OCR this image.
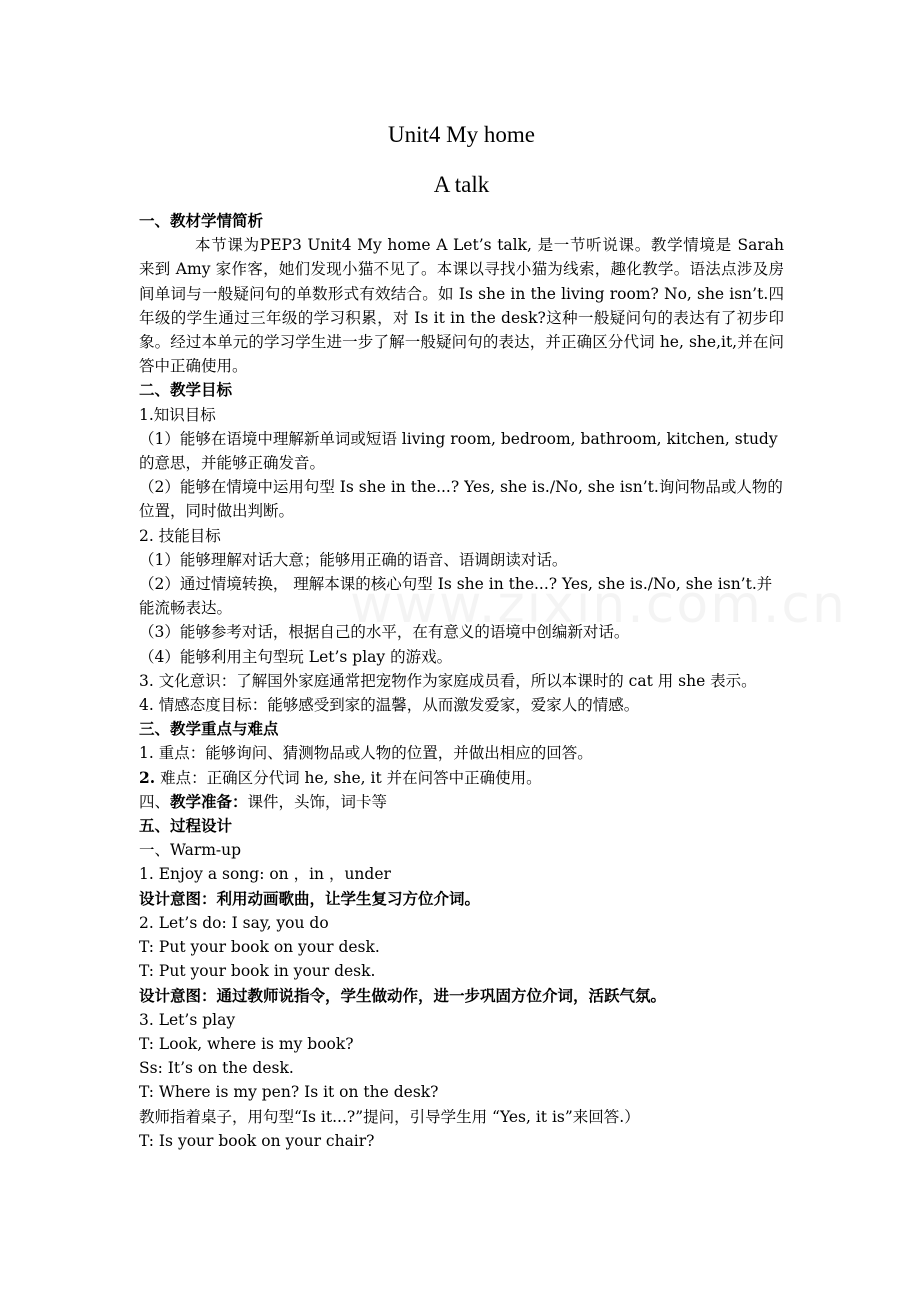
Unit4 My home
A talk

一、教材学情简析

本节课为PEP3 Unit4 My home A Let’s talk, 是一节听说课。教学情境是 Sarah 来到 Amy 家作客，她们发现小猫不见了。本课以寻找小猫为线索，趣化教学。语法点涉及房间单词与一般疑问句的单数形式有效结合。如 Is she in the living room? No, she isn’t.四年级的学生通过三年级的学习积累，对 Is it in the desk?这种一般疑问句的表达有了初步印象。经过本单元的学习学生进一步了解一般疑问句的表达，并正确区分代词 he, she,it,并在问答中正确使用。

二、教学目标

1.知识目标

（1）能够在语境中理解新单词或短语 living room, bedroom, bathroom, kitchen, study 的意思，并能够正确发音。

（2）能够在情境中运用句型 Is she in the...? Yes, she is./No, she isn’t.询问物品或人物的位置，同时做出判断。

2. 技能目标

（1）能够理解对话大意；能够用正确的语音、语调朗读对话。

（2）通过情境转换， 理解本课的核心句型 Is she in the...? Yes, she is./No, she isn’t.并能流畅表达。

（3）能够参考对话，根据自己的水平，在有意义的语境中创编新对话。

（4）能够利用主句型玩 Let’s play 的游戏。

3. 文化意识：了解国外家庭通常把宠物作为家庭成员看，所以本课时的 cat 用 she 表示。

4. 情感态度目标：能够感受到家的温馨，从而激发爱家，爱家人的情感。

三、教学重点与难点

1. 重点：能够询问、猜测物品或人物的位置，并做出相应的回答。

2. 难点：正确区分代词 he, she, it 并在问答中正确使用。

四、教学准备：课件，头饰，词卡等

五、过程设计

一、Warm-up

1. Enjoy a song: on ，in ，under

设计意图：利用动画歌曲，让学生复习方位介词。

2. Let’s do: I say, you do

T: Put your book on your desk.

T: Put your book in your desk.

设计意图：通过教师说指令，学生做动作，进一步巩固方位介词，活跃气氛。

3. Let’s play

T: Look, where is my book?

Ss: It’s on the desk.

T: Where is my pen? Is it on the desk?

教师指着桌子，用句型“Is it...?”提问，引导学生用 “Yes, it is”来回答.）

T: Is your book on your chair?
